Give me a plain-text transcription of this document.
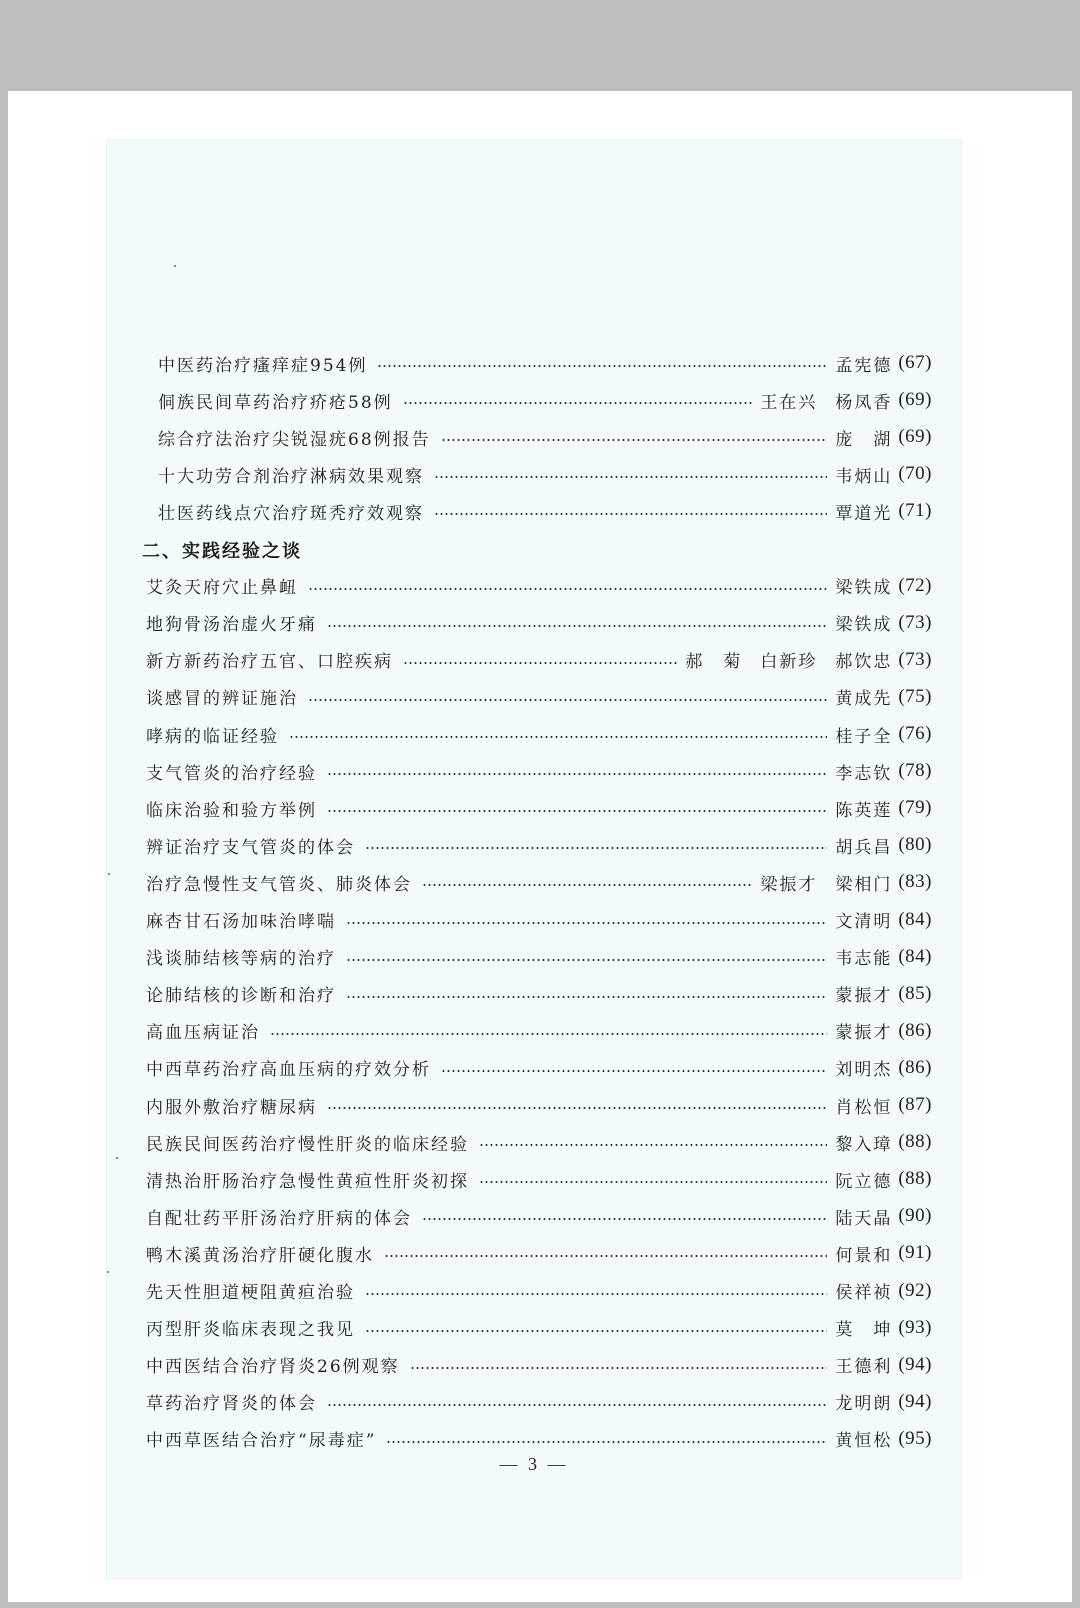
中医药治疗瘙痒症954例	孟宪德 (67)
侗族民间草药治疗疥疮58例	王在兴 杨凤香 (69)
综合疗法治疗尖锐湿疣68例报告	庞　湖 (69)
十大功劳合剂治疗淋病效果观察	韦炳山 (70)
壮医药线点穴治疗斑秃疗效观察	覃道光 (71)
二、实践经验之谈
艾灸天府穴止鼻衄	梁铁成 (72)
地狗骨汤治虚火牙痛	梁铁成 (73)
新方新药治疗五官、口腔疾病	郝　菊 白新珍 郝饮忠 (73)
谈感冒的辨证施治	黄成先 (75)
哮病的临证经验	桂子全 (76)
支气管炎的治疗经验	李志钦 (78)
临床治验和验方举例	陈英莲 (79)
辨证治疗支气管炎的体会	胡兵昌 (80)
治疗急慢性支气管炎、肺炎体会	梁振才 梁相门 (83)
麻杏甘石汤加味治哮喘	文清明 (84)
浅谈肺结核等病的治疗	韦志能 (84)
论肺结核的诊断和治疗	蒙振才 (85)
高血压病证治	蒙振才 (86)
中西草药治疗高血压病的疗效分析	刘明杰 (86)
内服外敷治疗糖尿病	肖松恒 (87)
民族民间医药治疗慢性肝炎的临床经验	黎入璋 (88)
清热治肝肠治疗急慢性黄疸性肝炎初探	阮立德 (88)
自配壮药平肝汤治疗肝病的体会	陆天晶 (90)
鸭木溪黄汤治疗肝硬化腹水	何景和 (91)
先天性胆道梗阻黄疸治验	侯祥祯 (92)
丙型肝炎临床表现之我见	莫　坤 (93)
中西医结合治疗肾炎26例观察	王德利 (94)
草药治疗肾炎的体会	龙明朗 (94)
中西草医结合治疗“尿毒症”	黄恒松 (95)
— 3 —
